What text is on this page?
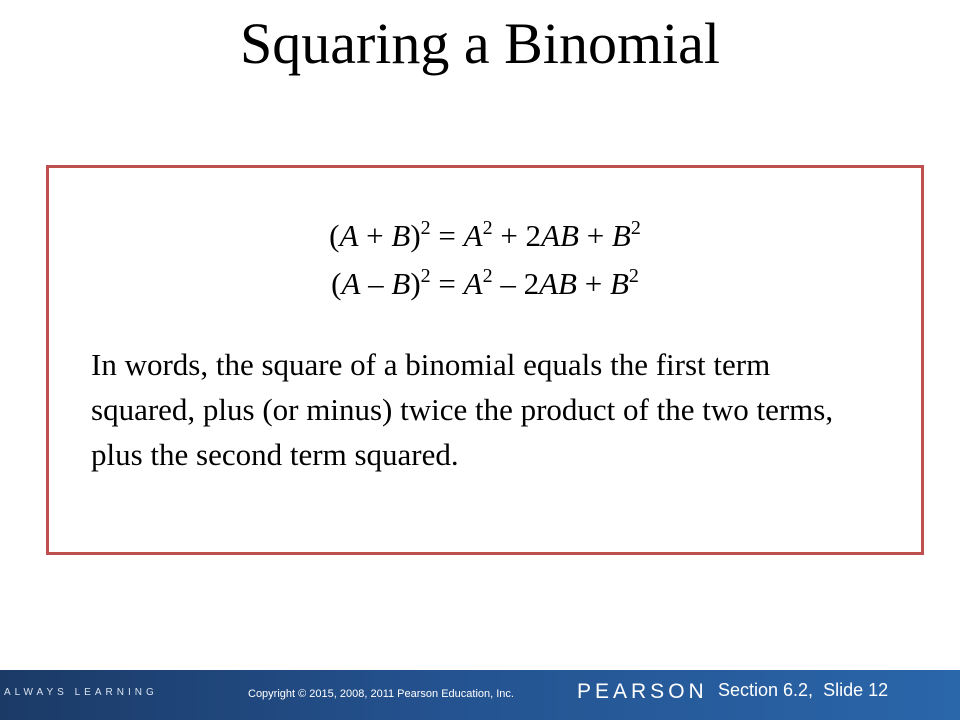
Squaring a Binomial
$(A + B)^2 = A^2 + 2AB + B^2$
$(A - B)^2 = A^2 - 2AB + B^2$
In words, the square of a binomial equals the first term squared, plus (or minus) twice the product of the two terms, plus the second term squared.
ALWAYS LEARNING	Copyright © 2015, 2008, 2011 Pearson Education, Inc.	PEARSON Section 6.2, Slide 12
